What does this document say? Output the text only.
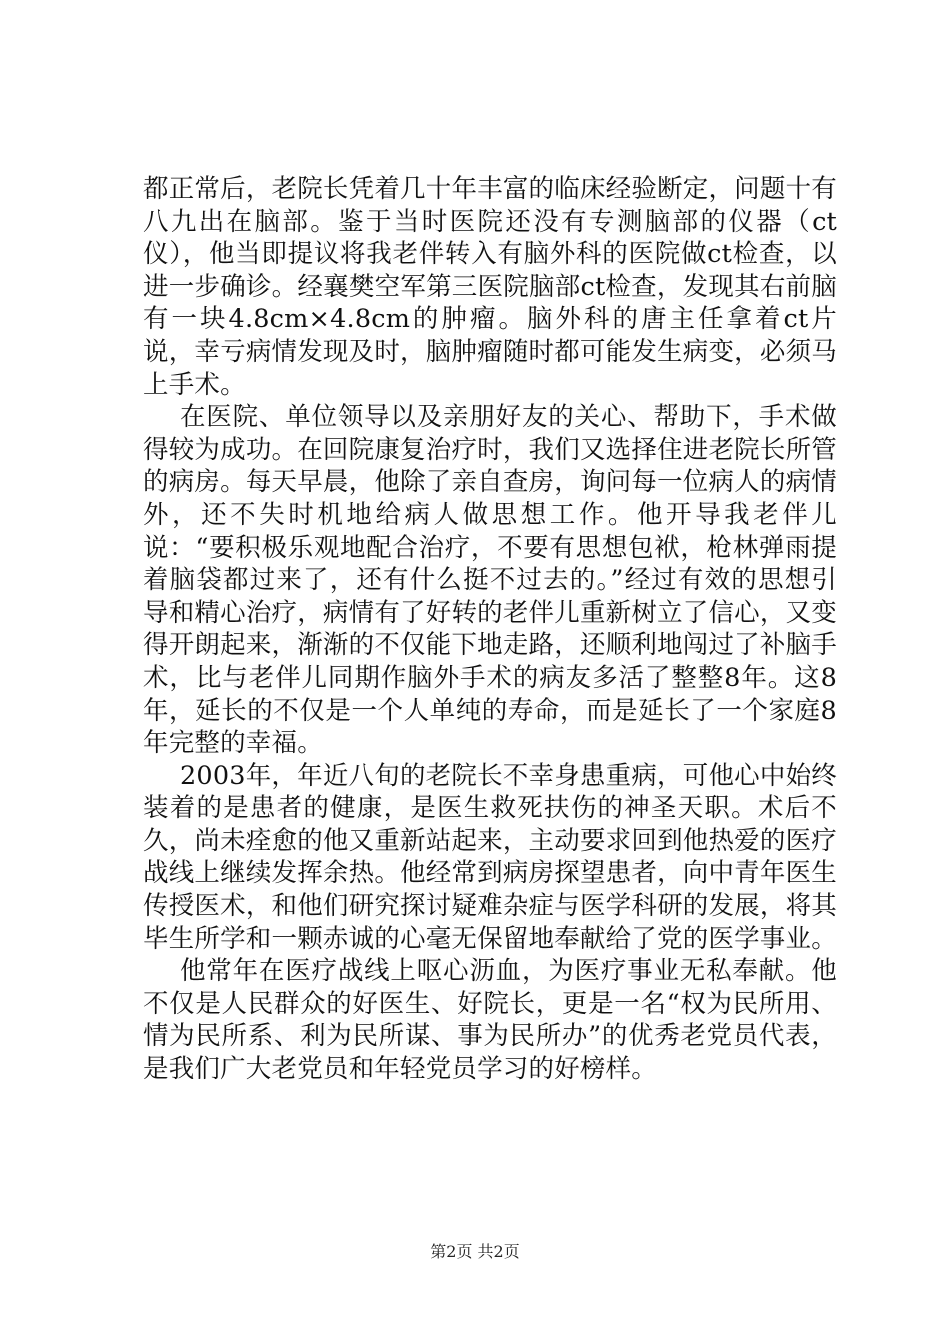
都正常后，老院长凭着几十年丰富的临床经验断定，问题十有八九出在脑部。鉴于当时医院还没有专测脑部的仪器（ct仪），他当即提议将我老伴转入有脑外科的医院做ct检查，以进一步确诊。经襄樊空军第三医院脑部ct检查，发现其右前脑有一块4.8cm×4.8cm的肿瘤。脑外科的唐主任拿着ct片说，幸亏病情发现及时，脑肿瘤随时都可能发生病变，必须马上手术。

在医院、单位领导以及亲朋好友的关心、帮助下，手术做得较为成功。在回院康复治疗时，我们又选择住进老院长所管的病房。每天早晨，他除了亲自查房，询问每一位病人的病情外，还不失时机地给病人做思想工作。他开导我老伴儿说：“要积极乐观地配合治疗，不要有思想包袱，枪林弹雨提着脑袋都过来了，还有什么挺不过去的。”经过有效的思想引导和精心治疗，病情有了好转的老伴儿重新树立了信心，又变得开朗起来，渐渐的不仅能下地走路，还顺利地闯过了补脑手术，比与老伴儿同期作脑外手术的病友多活了整整8年。这8年，延长的不仅是一个人单纯的寿命，而是延长了一个家庭8年完整的幸福。

2003年，年近八旬的老院长不幸身患重病，可他心中始终装着的是患者的健康，是医生救死扶伤的神圣天职。术后不久，尚未痊愈的他又重新站起来，主动要求回到他热爱的医疗战线上继续发挥余热。他经常到病房探望患者，向中青年医生传授医术，和他们研究探讨疑难杂症与医学科研的发展，将其毕生所学和一颗赤诚的心毫无保留地奉献给了党的医学事业。

他常年在医疗战线上呕心沥血，为医疗事业无私奉献。他不仅是人民群众的好医生、好院长，更是一名“权为民所用、情为民所系、利为民所谋、事为民所办”的优秀老党员代表，是我们广大老党员和年轻党员学习的好榜样。

第2页 共2页
